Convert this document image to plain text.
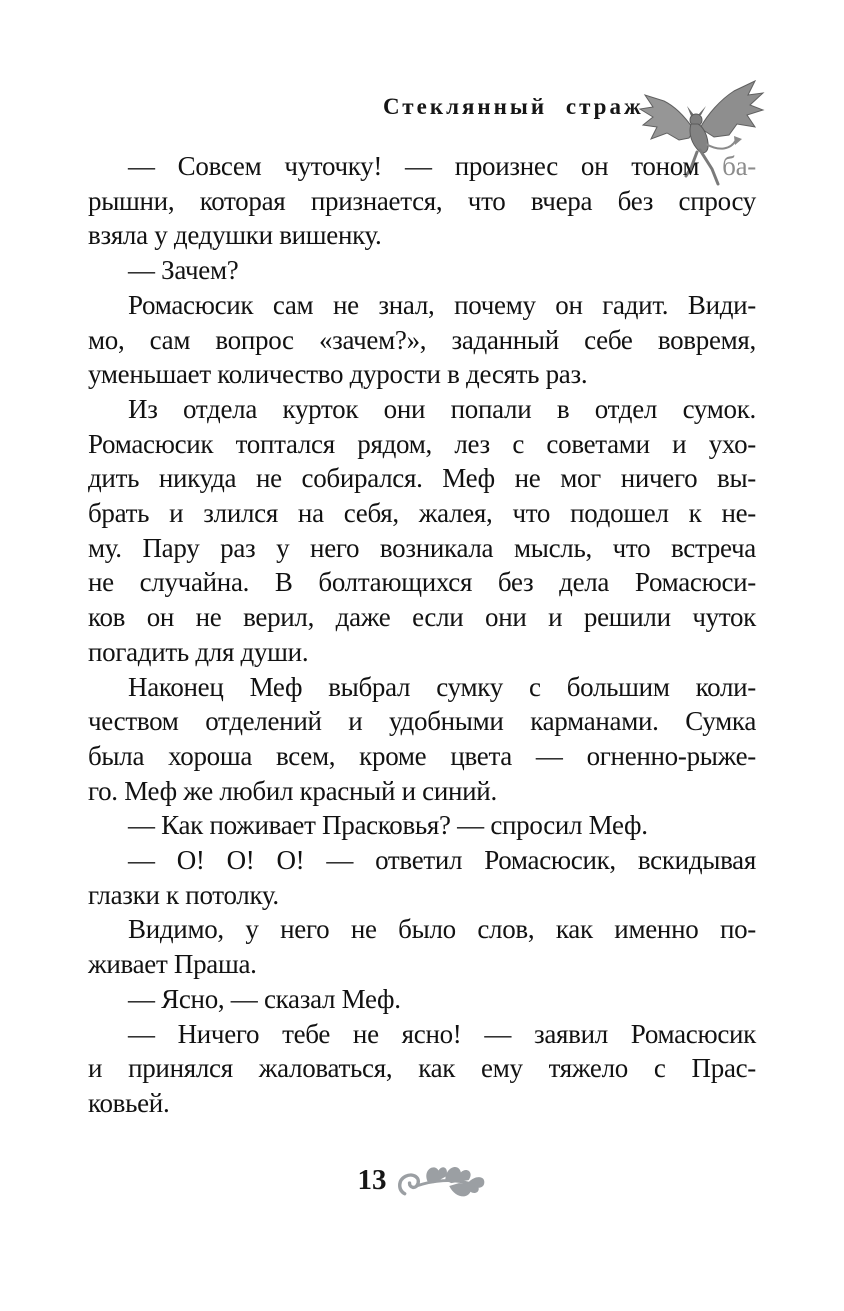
Стеклянный страж
— Совсем чуточку! — произнес он тоном ба-
рышни, которая признается, что вчера без спросу
взяла у дедушки вишенку.
— Зачем?
Ромасюсик сам не знал, почему он гадит. Види-
мо, сам вопрос «зачем?», заданный себе вовремя,
уменьшает количество дурости в десять раз.
Из отдела курток они попали в отдел сумок.
Ромасюсик топтался рядом, лез с советами и ухо-
дить никуда не собирался. Меф не мог ничего вы-
брать и злился на себя, жалея, что подошел к не-
му. Пару раз у него возникала мысль, что встреча
не случайна. В болтающихся без дела Ромасюси-
ков он не верил, даже если они и решили чуток
погадить для души.
Наконец Меф выбрал сумку с большим коли-
чеством отделений и удобными карманами. Сумка
была хороша всем, кроме цвета — огненно-рыже-
го. Меф же любил красный и синий.
— Как поживает Прасковья? — спросил Меф.
— О! О! О! — ответил Ромасюсик, вскидывая
глазки к потолку.
Видимо, у него не было слов, как именно по-
живает Праша.
— Ясно, — сказал Меф.
— Ничего тебе не ясно! — заявил Ромасюсик
и принялся жаловаться, как ему тяжело с Прас-
ковьей.
13
